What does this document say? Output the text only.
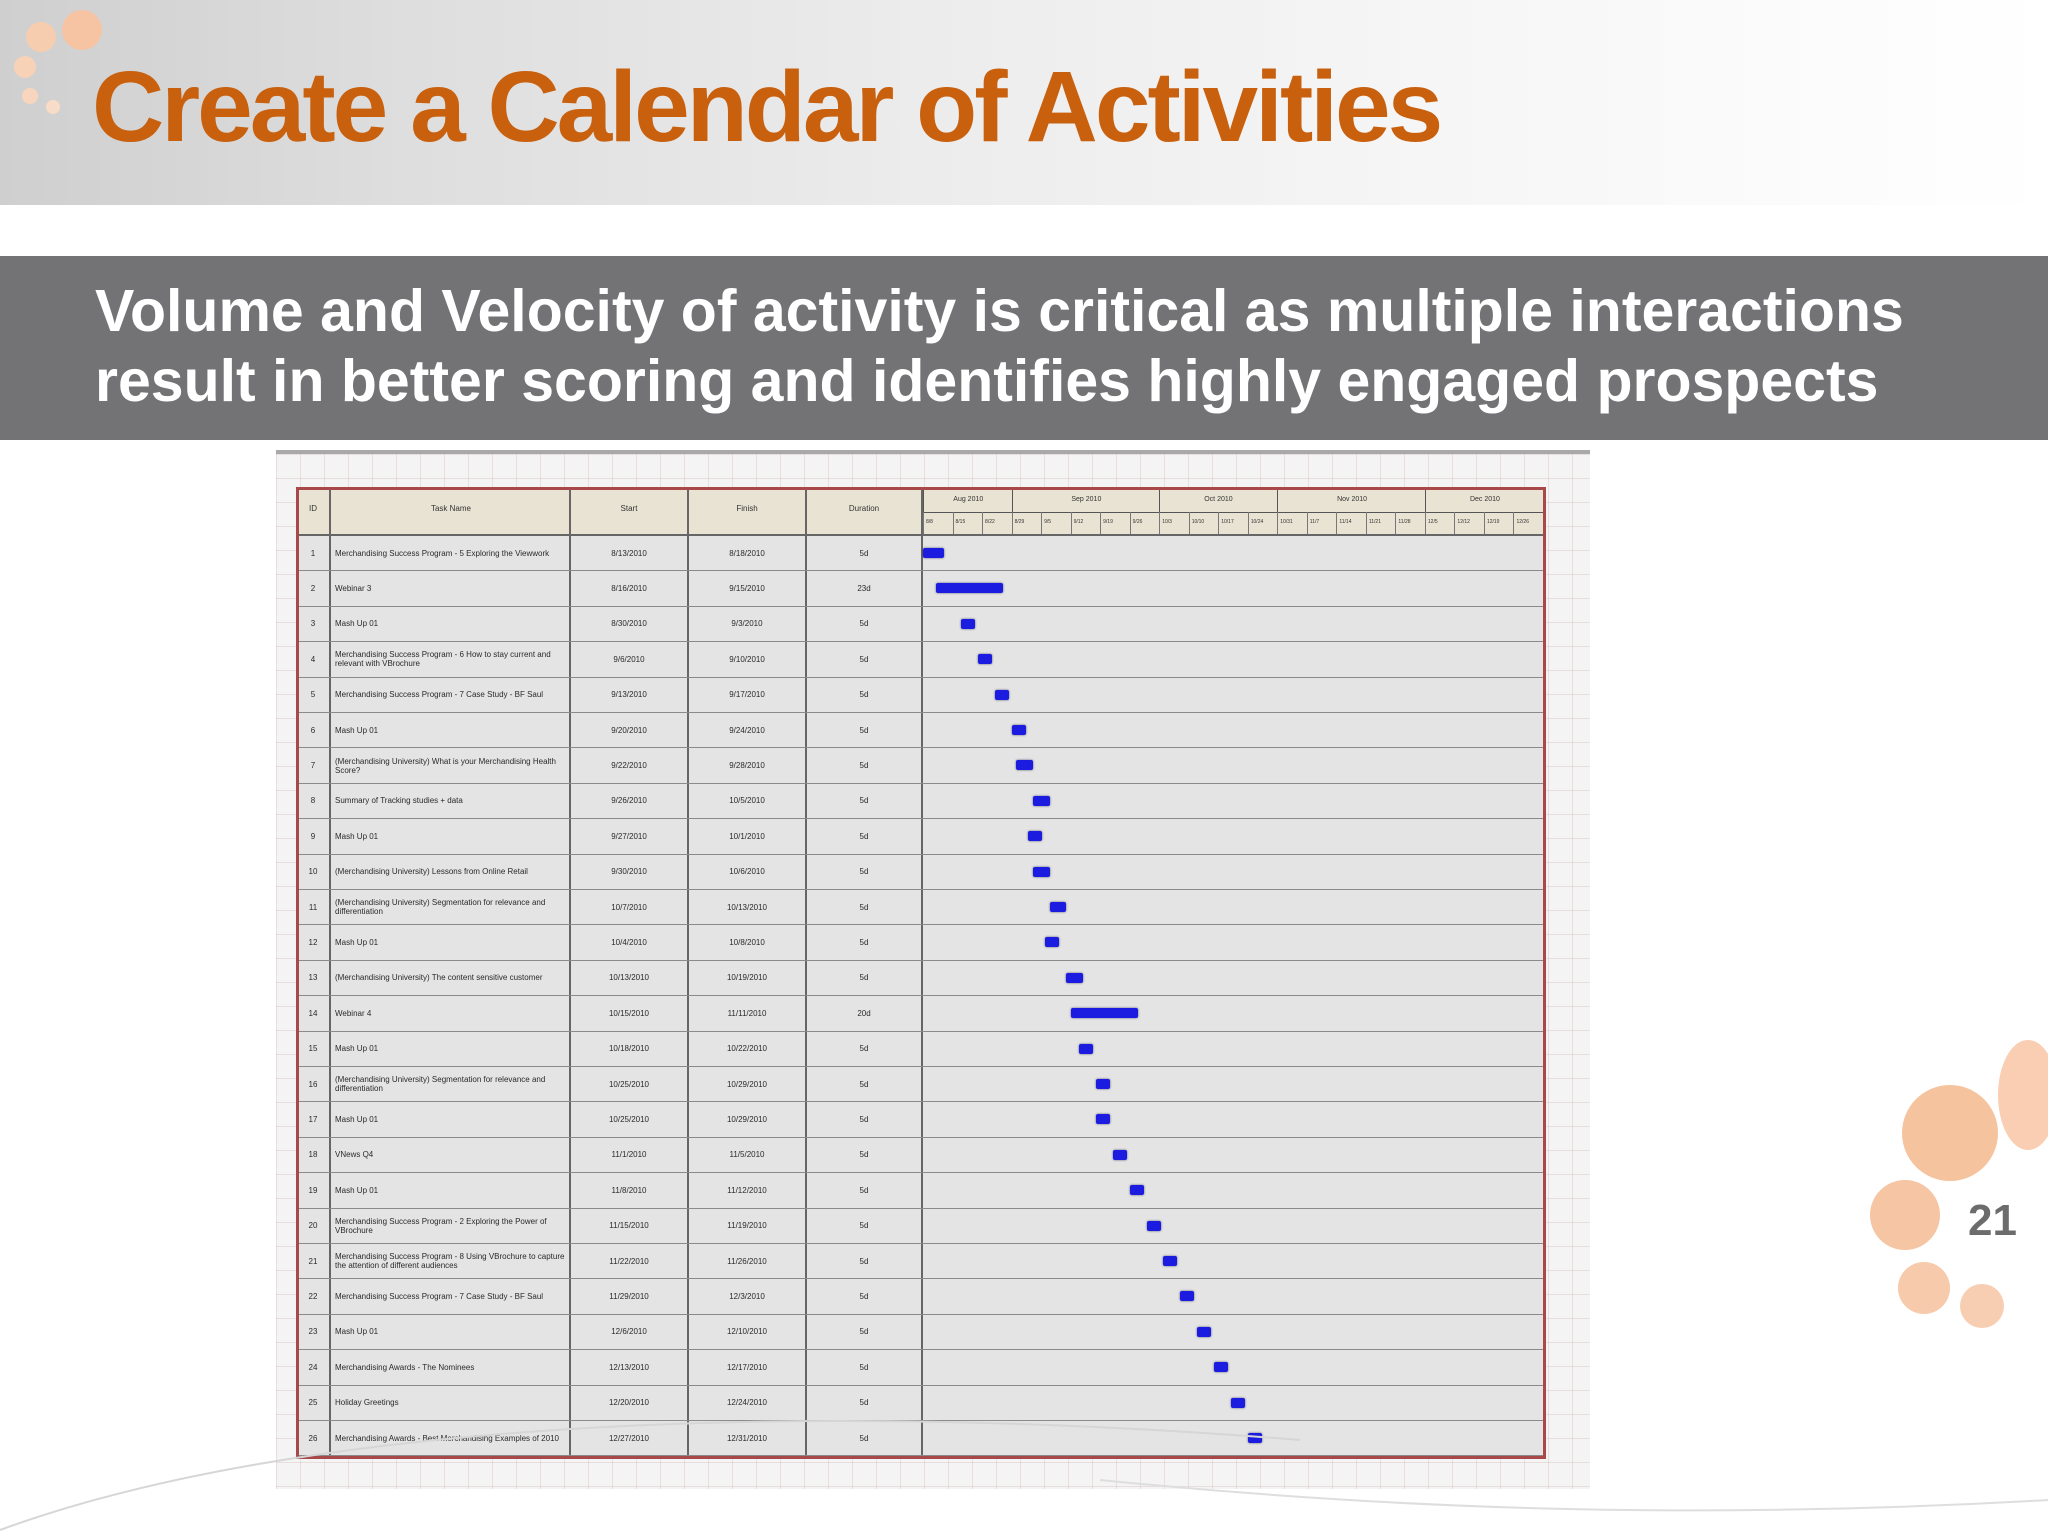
Create a Calendar of Activities

Volume and Velocity of activity is critical as multiple interactions

result in better scoring and identifies highly engaged prospects

ID	Task Name	Start	Finish	Duration
8/8	8/15	8/22	8/29	9/5	9/12	9/19	9/26	10/3	10/10	10/17	10/24	10/31	11/7	11/14	11/21	11/28	12/5	12/12	12/19	12/26
Aug 2010	Sep 2010	Oct 2010	Nov 2010	Dec 2010
1	Merchandising Success Program - 5 Exploring the Viewwork	8/13/2010	8/18/2010	5d
2	Webinar 3	8/16/2010	9/15/2010	23d
3	Mash Up 01	8/30/2010	9/3/2010	5d
4	Merchandising Success Program - 6 How to stay current and relevant with VBrochure	9/6/2010	9/10/2010	5d
5	Merchandising Success Program - 7 Case Study - BF Saul	9/13/2010	9/17/2010	5d
6	Mash Up 01	9/20/2010	9/24/2010	5d
7	(Merchandising University) What is your Merchandising Health Score?	9/22/2010	9/28/2010	5d
8	Summary of Tracking studies + data	9/26/2010	10/5/2010	5d
9	Mash Up 01	9/27/2010	10/1/2010	5d
10	(Merchandising University) Lessons from Online Retail	9/30/2010	10/6/2010	5d
11	(Merchandising University) Segmentation for relevance and differentiation	10/7/2010	10/13/2010	5d
12	Mash Up 01	10/4/2010	10/8/2010	5d
13	(Merchandising University) The content sensitive customer	10/13/2010	10/19/2010	5d
14	Webinar 4	10/15/2010	11/11/2010	20d
15	Mash Up 01	10/18/2010	10/22/2010	5d
16	(Merchandising University) Segmentation for relevance and differentiation	10/25/2010	10/29/2010	5d
17	Mash Up 01	10/25/2010	10/29/2010	5d
18	VNews Q4	11/1/2010	11/5/2010	5d
19	Mash Up 01	11/8/2010	11/12/2010	5d
20	Merchandising Success Program - 2 Exploring the Power of VBrochure	11/15/2010	11/19/2010	5d
21	Merchandising Success Program - 8 Using VBrochure to capture the attention of different audiences	11/22/2010	11/26/2010	5d
22	Merchandising Success Program - 7 Case Study - BF Saul	11/29/2010	12/3/2010	5d
23	Mash Up 01	12/6/2010	12/10/2010	5d
24	Merchandising Awards - The Nominees	12/13/2010	12/17/2010	5d
25	Holiday Greetings	12/20/2010	12/24/2010	5d
26	Merchandising Awards - Best Merchandising Examples of 2010	12/27/2010	12/31/2010	5d
21
